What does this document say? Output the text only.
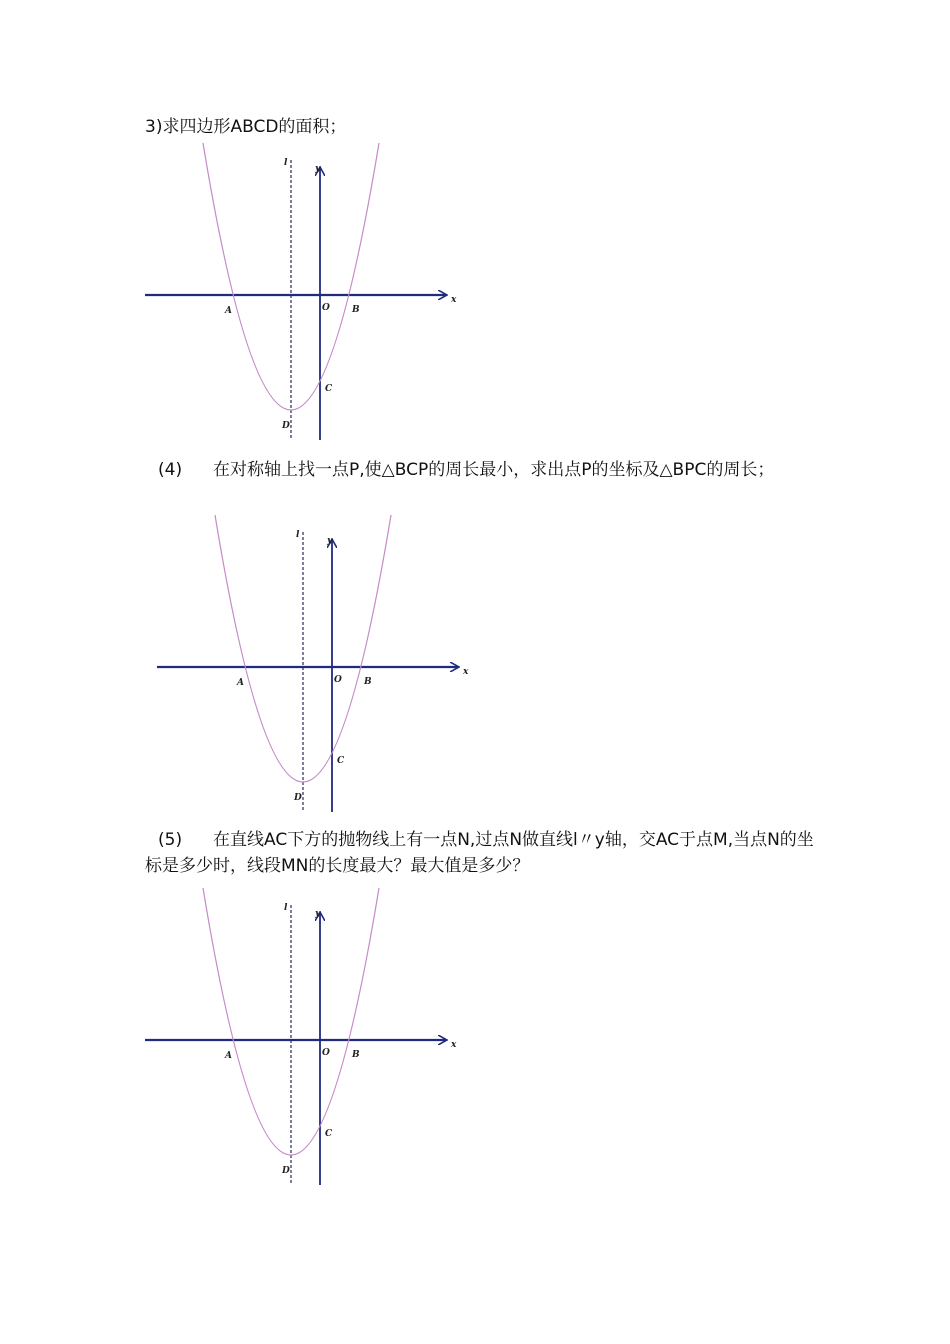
3)求四边形ABCD的面积；
l
y
x
O
A	B
C
D
(4) 在对称轴上找一点P,使△BCP的周长最小，求出点P的坐标及△BPC的周长；
l
y
x
O
A	B
C
D
(5) 在直线AC下方的抛物线上有一点N,过点N做直线l〃y轴，交AC于点M,当点N的坐标是多少时，线段MN的长度最大？最大值是多少？
l
y
x
O
A	B
C
D
